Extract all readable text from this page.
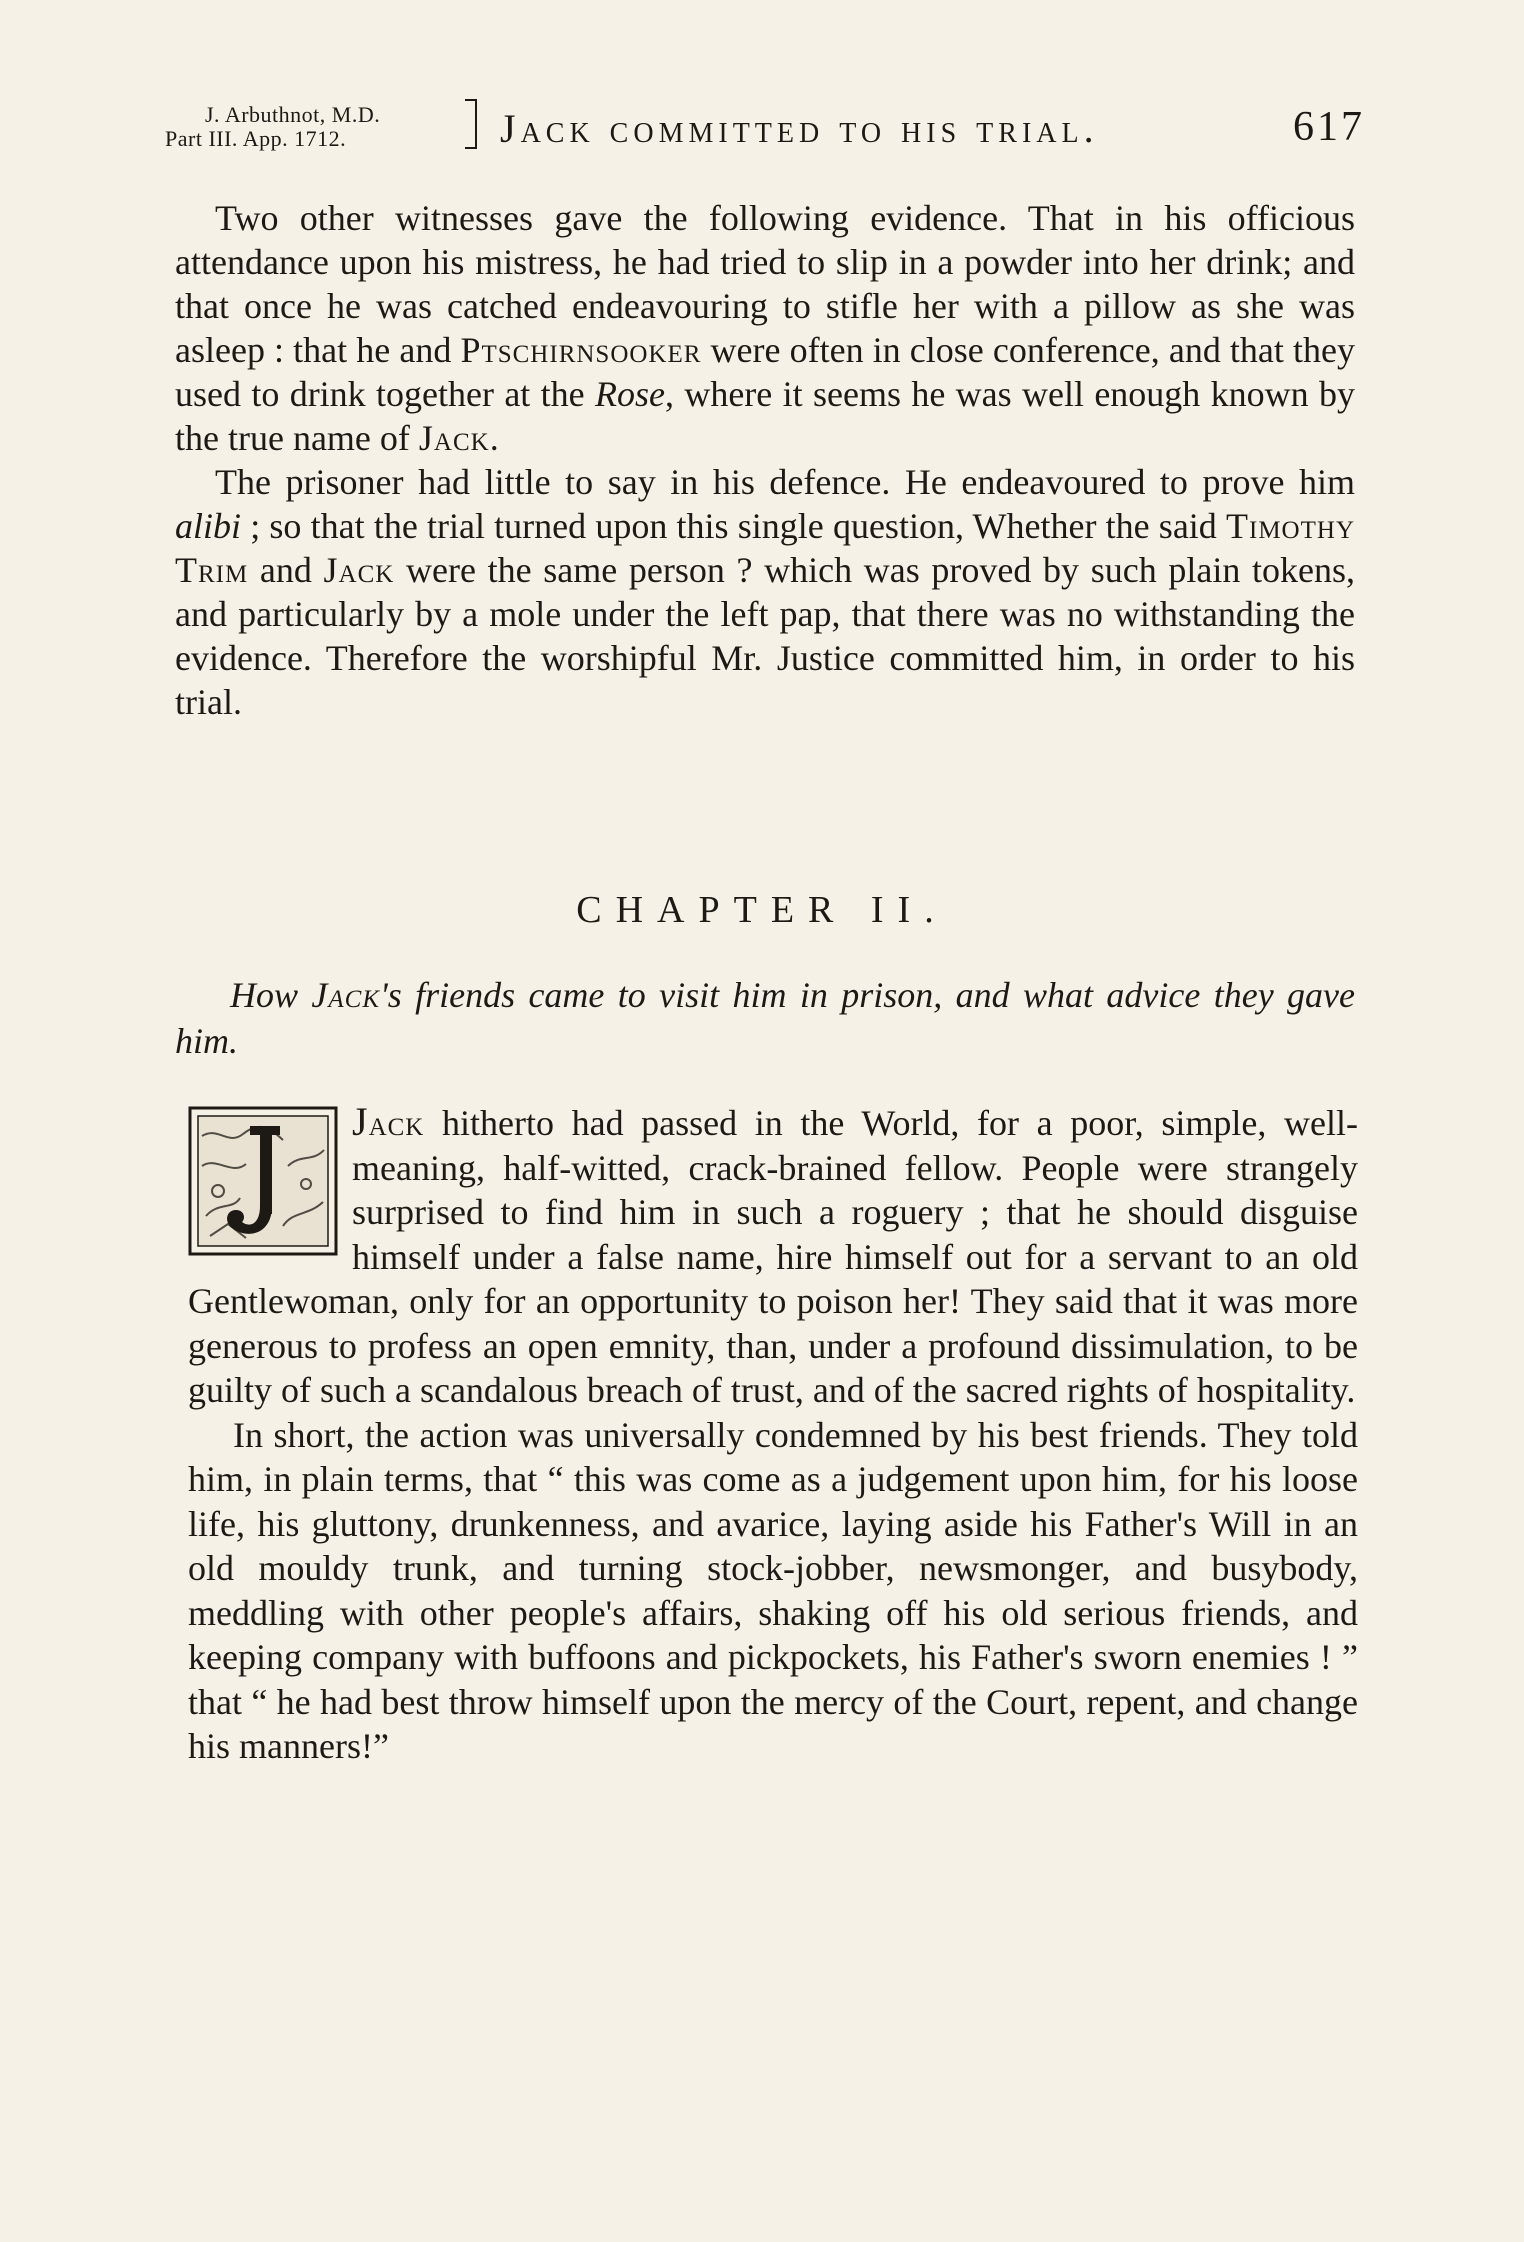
J. Arbuthnot, M.D.
Part III. App. 1712.	Jack committed to his trial.	617

Two other witnesses gave the following evidence. That in his officious attendance upon his mistress, he had tried to slip in a powder into her drink; and that once he was catched endeavouring to stifle her with a pillow as she was asleep : that he and Ptschirnsooker were often in close conference, and that they used to drink together at the Rose, where it seems he was well enough known by the true name of Jack.

The prisoner had little to say in his defence. He endeavoured to prove him alibi ; so that the trial turned upon this single question, Whether the said Timothy Trim and Jack were the same person ? which was proved by such plain tokens, and particularly by a mole under the left pap, that there was no withstanding the evidence. Therefore the worshipful Mr. Justice committed him, in order to his trial.

CHAPTER II.
How Jack's friends came to visit him in prison, and what advice they gave him.

Jack hitherto had passed in the World, for a poor, simple, well-meaning, half-witted, crack-brained fellow. People were strangely surprised to find him in such a roguery ; that he should disguise himself under a false name, hire himself out for a servant to an old Gentlewoman, only for an opportunity to poison her! They said that it was more generous to profess an open emnity, than, under a profound dissimulation, to be guilty of such a scandalous breach of trust, and of the sacred rights of hospitality.

In short, the action was universally condemned by his best friends. They told him, in plain terms, that “ this was come as a judgement upon him, for his loose life, his gluttony, drunkenness, and avarice, laying aside his Father's Will in an old mouldy trunk, and turning stock-jobber, newsmonger, and busybody, meddling with other people's affairs, shaking off his old serious friends, and keeping company with buffoons and pickpockets, his Father's sworn enemies ! ” that “ he had best throw himself upon the mercy of the Court, repent, and change his manners!”
